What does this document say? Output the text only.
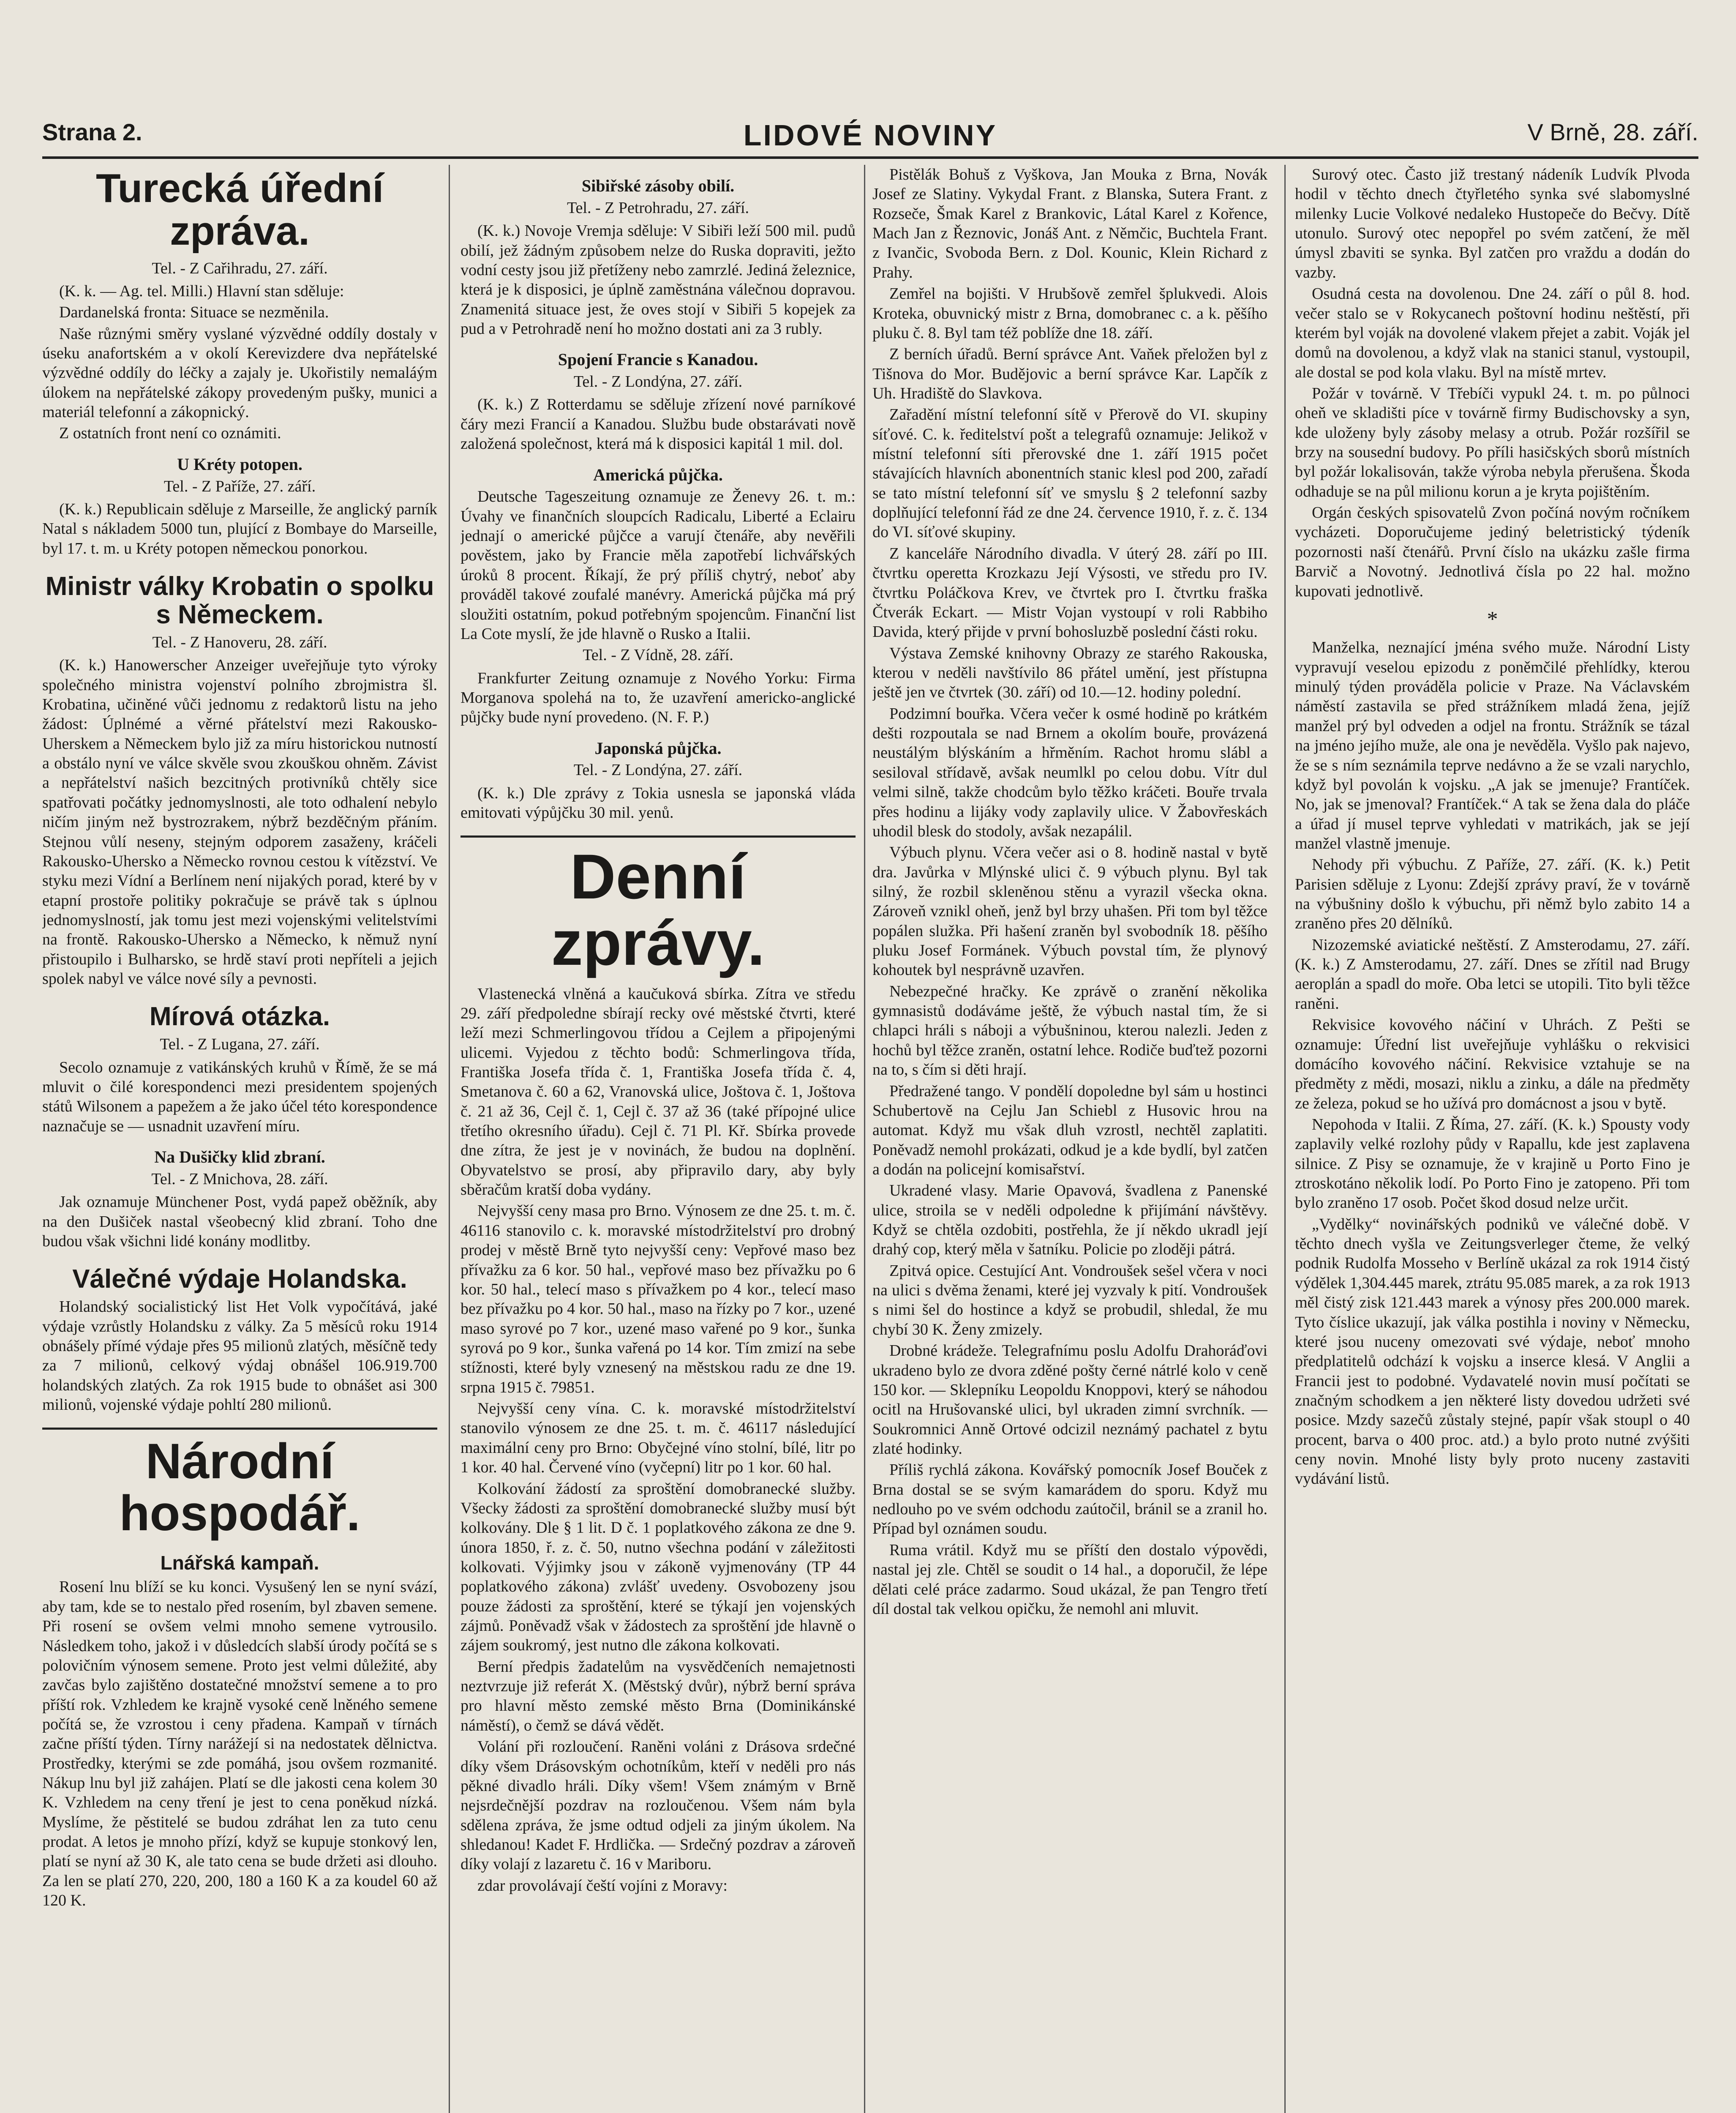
Strana 2.	LIDOVÉ NOVINY	V Brně, 28. září.
Turecká úřední zpráva.
Tel. - Z Cařihradu, 27. září.

(K. k. — Ag. tel. Milli.) Hlavní stan sděluje:

Dardanelská fronta: Situace se nezměnila.

Naše různými směry vyslané výzvědné oddíly dostaly v úseku anafortském a v okolí Kerevizdere dva nepřátelské výzvědné oddíly do léčky a zajaly je. Ukořistily nemaláým úlokem na nepřátelské zákopy provedeným pušky, munici a materiál telefonní a zákopnický.

Z ostatních front není co oznámiti.

U Kréty potopen.
Tel. - Z Paříže, 27. září.

(K. k.) Republicain sděluje z Marseille, že anglický parník Natal s nákladem 5000 tun, plující z Bombaye do Marseille, byl 17. t. m. u Kréty potopen německou ponorkou.

Ministr války Krobatin o spolku s Německem.
Tel. - Z Hanoveru, 28. září.

(K. k.) Hanowerscher Anzeiger uveřejňuje tyto výroky společného ministra vojenství polního zbrojmistra šl. Krobatina, učiněné vůči jednomu z redaktorů listu na jeho žádost: Úplnémé a věrné přátelství mezi Rakousko-Uherskem a Německem bylo již za míru historickou nutností a obstálo nyní ve válce skvěle svou zkouškou ohněm. Závist a nepřátelství našich bezcitných protivníků chtěly sice spatřovati počátky jednomyslnosti, ale toto odhalení nebylo ničím jiným než bystrozrakem, nýbrž bezděčným přáním. Stejnou vůlí neseny, stejným odporem zasaženy, kráčeli Rakousko-Uhersko a Německo rovnou cestou k vítězství. Ve styku mezi Vídní a Berlínem není nijakých porad, které by v etapní prostoře politiky pokračuje se právě tak s úplnou jednomyslností, jak tomu jest mezi vojenskými velitelstvími na frontě. Rakousko-Uhersko a Německo, k němuž nyní přistoupilo i Bulharsko, se hrdě staví proti nepříteli a jejich spolek nabyl ve válce nové síly a pevnosti.

Mírová otázka.
Tel. - Z Lugana, 27. září.

Secolo oznamuje z vatikánských kruhů v Římě, že se má mluvit o čilé korespondenci mezi presidentem spojených států Wilsonem a papežem a že jako účel této korespondence naznačuje se — usnadnit uzavření míru.

Na Dušičky klid zbraní.
Tel. - Z Mnichova, 28. září.

Jak oznamuje Münchener Post, vydá papež oběžník, aby na den Dušiček nastal všeobecný klid zbraní. Toho dne budou však všichni lidé konány modlitby.

Válečné výdaje Holandska.

Holandský socialistický list Het Volk vypočítává, jaké výdaje vzrůstly Holandsku z války. Za 5 měsíců roku 1914 obnášely přímé výdaje přes 95 milionů zlatých, měsíčně tedy za 7 milionů, celkový výdaj obnášel 106.919.700 holandských zlatých. Za rok 1915 bude to obnášet asi 300 milionů, vojenské výdaje pohltí 280 milionů.

Národní hospodář.
Lnářská kampaň.

Rosení lnu blíží se ku konci. Vysušený len se nyní svází, aby tam, kde se to nestalo před rosením, byl zbaven semene. Při rosení se ovšem velmi mnoho semene vytrousilo. Následkem toho, jakož i v důsledcích slabší úrody počítá se s polovičním výnosem semene. Proto jest velmi důležité, aby zavčas bylo zajištěno dostatečné množství semene a to pro příští rok. Vzhledem ke krajně vysoké ceně lněného semene počítá se, že vzrostou i ceny přadena. Kampaň v tírnách začne příští týden. Tírny narážejí si na nedostatek dělnictva. Prostředky, kterými se zde pomáhá, jsou ovšem rozmanité. Nákup lnu byl již zahájen. Platí se dle jakosti cena kolem 30 K. Vzhledem na ceny tření je jest to cena poněkud nízká. Myslíme, že pěstitelé se budou zdráhat len za tuto cenu prodat. A letos je mnoho přízí, když se kupuje stonkový len, platí se nyní až 30 K, ale tato cena se bude držeti asi dlouho. Za len se platí 270, 220, 200, 180 a 160 K a za koudel 60 až 120 K.

Sibiřské zásoby obilí.
Tel. - Z Petrohradu, 27. září.

(K. k.) Novoje Vremja sděluje: V Sibiři leží 500 mil. pudů obilí, jež žádným způsobem nelze do Ruska dopraviti, ježto vodní cesty jsou již přetíženy nebo zamrzlé. Jediná železnice, která je k disposici, je úplně zaměstnána válečnou dopravou. Znamenitá situace jest, že oves stojí v Sibiři 5 kopejek za pud a v Petrohradě není ho možno dostati ani za 3 rubly.

Spojení Francie s Kanadou.
Tel. - Z Londýna, 27. září.

(K. k.) Z Rotterdamu se sděluje zřízení nové parníkové čáry mezi Francií a Kanadou. Službu bude obstarávati nově založená společnost, která má k disposici kapitál 1 mil. dol.

Americká půjčka.

Deutsche Tageszeitung oznamuje ze Ženevy 26. t. m.: Úvahy ve finančních sloupcích Radicalu, Liberté a Eclairu jednají o americké půjčce a varují čtenáře, aby nevěřili pověstem, jako by Francie měla zapotřebí lichvářských úroků 8 procent. Říkají, že prý příliš chytrý, neboť aby prováděl takové zoufalé manévry. Americká půjčka má prý sloužiti ostatním, pokud potřebným spojencům. Finanční list La Cote myslí, že jde hlavně o Rusko a Italii.

Tel. - Z Vídně, 28. září.

Frankfurter Zeitung oznamuje z Nového Yorku: Firma Morganova spolehá na to, že uzavření americko-anglické půjčky bude nyní provedeno. (N. F. P.)

Japonská půjčka.
Tel. - Z Londýna, 27. září.

(K. k.) Dle zprávy z Tokia usnesla se japonská vláda emitovati výpůjčku 30 mil. yenů.

Denní zprávy.

Vlastenecká vlněná a kaučuková sbírka. Zítra ve středu 29. září předpoledne sbírají recky ové městské čtvrti, které leží mezi Schmerlingovou třídou a Cejlem a připojenými ulicemi. Vyjedou z těchto bodů: Schmerlingova třída, Františka Josefa třída č. 1, Františka Josefa třída č. 4, Smetanova č. 60 a 62, Vranovská ulice, Joštova č. 1, Joštova č. 21 až 36, Cejl č. 1, Cejl č. 37 až 36 (také přípojné ulice třetího okresního úřadu). Cejl č. 71 Pl. Kř. Sbírka provede dne zítra, že jest je v novinách, že budou na doplnění. Obyvatelstvo se prosí, aby připravilo dary, aby byly sběračům kratší doba vydány.

Nejvyšší ceny masa pro Brno. Výnosem ze dne 25. t. m. č. 46116 stanovilo c. k. moravské místodržitelství pro drobný prodej v městě Brně tyto nejvyšší ceny: Vepřové maso bez přívažku za 6 kor. 50 hal., vepřové maso bez přívažku po 6 kor. 50 hal., telecí maso s přívažkem po 4 kor., telecí maso bez přívažku po 4 kor. 50 hal., maso na řízky po 7 kor., uzené maso syrové po 7 kor., uzené maso vařené po 9 kor., šunka syrová po 9 kor., šunka vařená po 14 kor. Tím zmizí na sebe stížnosti, které byly vznesený na městskou radu ze dne 19. srpna 1915 č. 79851.

Nejvyšší ceny vína. C. k. moravské místodržitelství stanovilo výnosem ze dne 25. t. m. č. 46117 následující maximální ceny pro Brno: Obyčejné víno stolní, bílé, litr po 1 kor. 40 hal. Červené víno (vyčepní) litr po 1 kor. 60 hal.

Kolkování žádostí za sproštění domobranecké služby. Všecky žádosti za sproštění domobranecké služby musí být kolkovány. Dle § 1 lit. D č. 1 poplatkového zákona ze dne 9. února 1850, ř. z. č. 50, nutno všechna podání v záležitosti kolkovati. Výjimky jsou v zákoně vyjmenovány (TP 44 poplatkového zákona) zvlášť uvedeny. Osvobozeny jsou pouze žádosti za sproštění, které se týkají jen vojenských zájmů. Poněvadž však v žádostech za sproštění jde hlavně o zájem soukromý, jest nutno dle zákona kolkovati.

Berní předpis žadatelům na vysvědčeních nemajetnosti neztvrzuje již referát X. (Městský dvůr), nýbrž berní správa pro hlavní město zemské město Brna (Dominikánské náměstí), o čemž se dává vědět.

Volání při rozloučení. Raněni voláni z Drásova srdečné díky všem Drásovským ochotníkům, kteří v neděli pro nás pěkné divadlo hráli. Díky všem! Všem známým v Brně nejsrdečnější pozdrav na rozloučenou. Všem nám byla sdělena zpráva, že jsme odtud odjeli za jiným úkolem. Na shledanou! Kadet F. Hrdlička. — Srdečný pozdrav a zároveň díky volají z lazaretu č. 16 v Mariboru.

zdar provolávají čeští vojíni z Moravy:

Pistělák Bohuš z Vyškova, Jan Mouka z Brna, Novák Josef ze Slatiny. Vykydal Frant. z Blanska, Sutera Frant. z Rozseče, Šmak Karel z Brankovic, Látal Karel z Kořence, Mach Jan z Řeznovic, Jonáš Ant. z Němčic, Buchtela Frant. z Ivančic, Svoboda Bern. z Dol. Kounic, Klein Richard z Prahy.

Zemřel na bojišti. V Hrubšově zemřel šplukvedi. Alois Kroteka, obuvnický mistr z Brna, domobranec c. a k. pěšího pluku č. 8. Byl tam též poblíže dne 18. září.

Z berních úřadů. Berní správce Ant. Vaňek přeložen byl z Tišnova do Mor. Budějovic a berní správce Kar. Lapčík z Uh. Hradiště do Slavkova.

Zařadění místní telefonní sítě v Přerově do VI. skupiny síťové. C. k. ředitelství pošt a telegrafů oznamuje: Jelikož v místní telefonní síti přerovské dne 1. září 1915 počet stávajících hlavních abonentních stanic klesl pod 200, zařadí se tato místní telefonní síť ve smyslu § 2 telefonní sazby doplňující telefonní řád ze dne 24. července 1910, ř. z. č. 134 do VI. síťové skupiny.

Z kanceláře Národního divadla. V úterý 28. září po III. čtvrtku operetta Krozkazu Její Výsosti, ve středu pro IV. čtvrtku Poláčkova Krev, ve čtvrtek pro I. čtvrtku fraška Čtverák Eckart. — Mistr Vojan vystoupí v roli Rabbiho Davida, který přijde v první bohosluzbě poslední části roku.

Výstava Zemské knihovny Obrazy ze starého Rakouska, kterou v neděli navštívilo 86 přátel umění, jest přístupna ještě jen ve čtvrtek (30. září) od 10.—12. hodiny polední.

Podzimní bouřka. Včera večer k osmé hodině po krátkém dešti rozpoutala se nad Brnem a okolím bouře, provázená neustálým blýskáním a hřměním. Rachot hromu slábl a sesiloval střídavě, avšak neumlkl po celou dobu. Vítr dul velmi silně, takže chodcům bylo těžko kráčeti. Bouře trvala přes hodinu a lijáky vody zaplavily ulice. V Žabovřeskách uhodil blesk do stodoly, avšak nezapálil.

Výbuch plynu. Včera večer asi o 8. hodině nastal v bytě dra. Javůrka v Mlýnské ulici č. 9 výbuch plynu. Byl tak silný, že rozbil skleněnou stěnu a vyrazil všecka okna. Zároveň vznikl oheň, jenž byl brzy uhašen. Při tom byl těžce popálen služka. Při hašení zraněn byl svobodník 18. pěšího pluku Josef Formánek. Výbuch povstal tím, že plynový kohoutek byl nesprávně uzavřen.

Nebezpečné hračky. Ke zprávě o zranění několika gymnasistů dodáváme ještě, že výbuch nastal tím, že si chlapci hráli s náboji a výbušninou, kterou nalezli. Jeden z hochů byl těžce zraněn, ostatní lehce. Rodiče buďtež pozorni na to, s čím si děti hrají.

Předražené tango. V pondělí dopoledne byl sám u hostinci Schubertově na Cejlu Jan Schiebl z Husovic hrou na automat. Když mu však dluh vzrostl, nechtěl zaplatiti. Poněvadž nemohl prokázati, odkud je a kde bydlí, byl zatčen a dodán na policejní komisařství.

Ukradené vlasy. Marie Opavová, švadlena z Panenské ulice, stroila se v neděli odpoledne k přijímání návštěvy. Když se chtěla ozdobiti, postřehla, že jí někdo ukradl její drahý cop, který měla v šatníku. Policie po zloději pátrá.

Zpitvá opice. Cestující Ant. Vondroušek sešel včera v noci na ulici s dvěma ženami, které jej vyzvaly k pití. Vondroušek s nimi šel do hostince a když se probudil, shledal, že mu chybí 30 K. Ženy zmizely.

Drobné krádeže. Telegrafnímu poslu Adolfu Drahoráďovi ukradeno bylo ze dvora zděné pošty černé nátrlé kolo v ceně 150 kor. — Sklepníku Leopoldu Knoppovi, který se náhodou ocitl na Hrušovanské ulici, byl ukraden zimní svrchník. — Soukromnici Anně Ortové odcizil neznámý pachatel z bytu zlaté hodinky.

Příliš rychlá zákona. Kovářský pomocník Josef Bouček z Brna dostal se se svým kamarádem do sporu. Když mu nedlouho po ve svém odchodu zaútočil, bránil se a zranil ho. Případ byl oznámen soudu.

Ruma vrátil. Když mu se příští den dostalo výpovědi, nastal jej zle. Chtěl se soudit o 14 hal., a doporučil, že lépe dělati celé práce zadarmo. Soud ukázal, že pan Tengro třetí díl dostal tak velkou opičku, že nemohl ani mluvit.

Surový otec. Často již trestaný nádeník Ludvík Plvoda hodil v těchto dnech čtyřletého synka své slabomyslné milenky Lucie Volkové nedaleko Hustopeče do Bečvy. Dítě utonulo. Surový otec nepopřel po svém zatčení, že měl úmysl zbaviti se synka. Byl zatčen pro vraždu a dodán do vazby.

Osudná cesta na dovolenou. Dne 24. září o půl 8. hod. večer stalo se v Rokycanech poštovní hodinu neštěstí, při kterém byl voják na dovolené vlakem přejet a zabit. Voják jel domů na dovolenou, a když vlak na stanici stanul, vystoupil, ale dostal se pod kola vlaku. Byl na místě mrtev.

Požár v továrně. V Třebíči vypukl 24. t. m. po půlnoci oheň ve skladišti píce v továrně firmy Budischovsky a syn, kde uloženy byly zásoby melasy a otrub. Požár rozšířil se brzy na sousední budovy. Po příli hasičských sborů místních byl požár lokalisován, takže výroba nebyla přerušena. Škoda odhaduje se na půl milionu korun a je kryta pojištěním.

Orgán českých spisovatelů Zvon počíná novým ročníkem vycházeti. Doporučujeme jediný beletristický týdeník pozornosti naší čtenářů. První číslo na ukázku zašle firma Barvič a Novotný. Jednotlivá čísla po 22 hal. možno kupovati jednotlivě.

*

Manželka, neznající jména svého muže. Národní Listy vypravují veselou epizodu z poněmčilé přehlídky, kterou minulý týden prováděla policie v Praze. Na Václavském náměstí zastavila se před strážníkem mladá žena, jejíž manžel prý byl odveden a odjel na frontu. Strážník se tázal na jméno jejího muže, ale ona je nevěděla. Vyšlo pak najevo, že se s ním seznámila teprve nedávno a že se vzali narychlo, když byl povolán k vojsku. „A jak se jmenuje? Frantíček. No, jak se jmenoval? Frantíček.“ A tak se žena dala do pláče a úřad jí musel teprve vyhledati v matrikách, jak se její manžel vlastně jmenuje.

Nehody při výbuchu. Z Paříže, 27. září. (K. k.) Petit Parisien sděluje z Lyonu: Zdejší zprávy praví, že v továrně na výbušniny došlo k výbuchu, při němž bylo zabito 14 a zraněno přes 20 dělníků.

Nizozemské aviatické neštěstí. Z Amsterodamu, 27. září. (K. k.) Z Amsterodamu, 27. září. Dnes se zřítil nad Brugy aeroplán a spadl do moře. Oba letci se utopili. Tito byli těžce raněni.

Rekvisice kovového náčiní v Uhrách. Z Pešti se oznamuje: Úřední list uveřejňuje vyhlášku o rekvisici domácího kovového náčiní. Rekvisice vztahuje se na předměty z mědi, mosazi, niklu a zinku, a dále na předměty ze železa, pokud se ho užívá pro domácnost a jsou v bytě.

Nepohoda v Italii. Z Říma, 27. září. (K. k.) Spousty vody zaplavily velké rozlohy půdy v Rapallu, kde jest zaplavena silnice. Z Pisy se oznamuje, že v krajině u Porto Fino je ztroskotáno několik lodí. Po Porto Fino je zatopeno. Při tom bylo zraněno 17 osob. Počet škod dosud nelze určit.

„Vydělky“ novinářských podniků ve válečné době. V těchto dnech vyšla ve Zeitungsverleger čteme, že velký podnik Rudolfa Mosseho v Berlíně ukázal za rok 1914 čistý výdělek 1,304.445 marek, ztrátu 95.085 marek, a za rok 1913 měl čistý zisk 121.443 marek a výnosy přes 200.000 marek. Tyto číslice ukazují, jak válka postihla i noviny v Německu, které jsou nuceny omezovati své výdaje, neboť mnoho předplatitelů odchází k vojsku a inserce klesá. V Anglii a Francii jest to podobné. Vydavatelé novin musí počítati se značným schodkem a jen některé listy dovedou udržeti své posice. Mzdy sazečů zůstaly stejné, papír však stoupl o 40 procent, barva o 400 proc. atd.) a bylo proto nutné zvýšiti ceny novin. Mnohé listy byly proto nuceny zastaviti vydávání listů.
